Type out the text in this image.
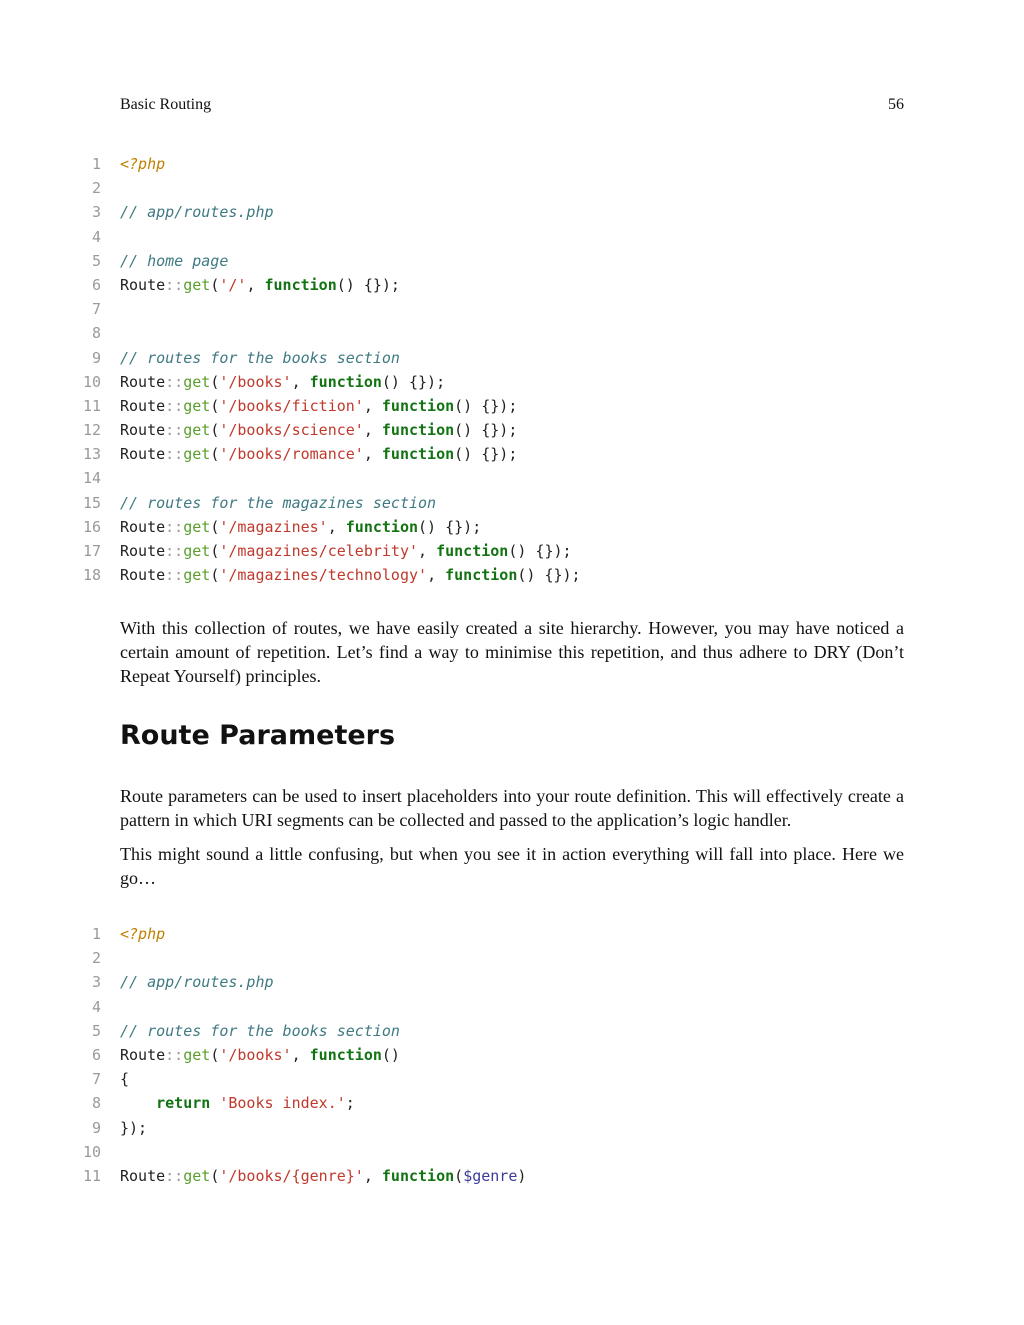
Basic Routing	56
1 <?php
2
3 // app/routes.php
4
5 // home page
6 Route::get('/', function() {});
7
8
9 // routes for the books section
10 Route::get('/books', function() {});
11 Route::get('/books/fiction', function() {});
12 Route::get('/books/science', function() {});
13 Route::get('/books/romance', function() {});
14
15 // routes for the magazines section
16 Route::get('/magazines', function() {});
17 Route::get('/magazines/celebrity', function() {});
18 Route::get('/magazines/technology', function() {});
With this collection of routes, we have easily created a site hierarchy. However, you may have noticed a certain amount of repetition. Let’s find a way to minimise this repetition, and thus adhere to DRY (Don’t Repeat Yourself) principles.
Route Parameters
Route parameters can be used to insert placeholders into your route definition. This will effectively create a pattern in which URI segments can be collected and passed to the application’s logic handler.
This might sound a little confusing, but when you see it in action everything will fall into place. Here we go…
1 <?php
2
3 // app/routes.php
4
5 // routes for the books section
6 Route::get('/books', function()
7 {
8	return 'Books index.';
9 });
10
11 Route::get('/books/{genre}', function($genre)
